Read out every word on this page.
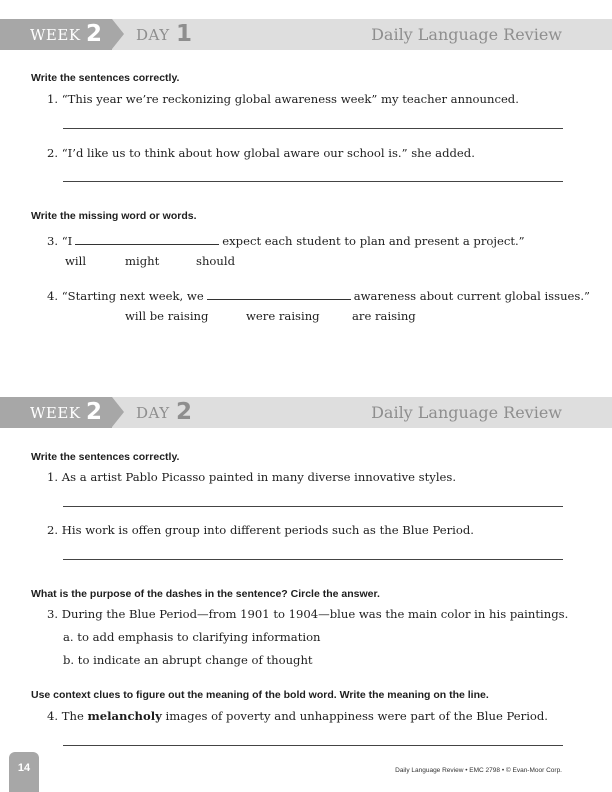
WEEK 2 DAY 1	Daily Language Review
Write the sentences correctly.
1. “This year we’re reckonizing global awareness week” my teacher announced.
2. “I’d like us to think about how global aware our school is.” she added.
Write the missing word or words.
3. “I	expect each student to plan and present a project.”
will	might	should
4. “Starting next week, we	awareness about current global issues.”
will be raising	were raising	are raising
WEEK 2 DAY 2	Daily Language Review
Write the sentences correctly.
1. As a artist Pablo Picasso painted in many diverse innovative styles.
2. His work is offen group into different periods such as the Blue Period.
What is the purpose of the dashes in the sentence? Circle the answer.
3. During the Blue Period—from 1901 to 1904—blue was the main color in his paintings.
a. to add emphasis to clarifying information
b. to indicate an abrupt change of thought
Use context clues to figure out the meaning of the bold word. Write the meaning on the line.
4. The melancholy images of poverty and unhappiness were part of the Blue Period.
14	Daily Language Review • EMC 2798 • © Evan-Moor Corp.
